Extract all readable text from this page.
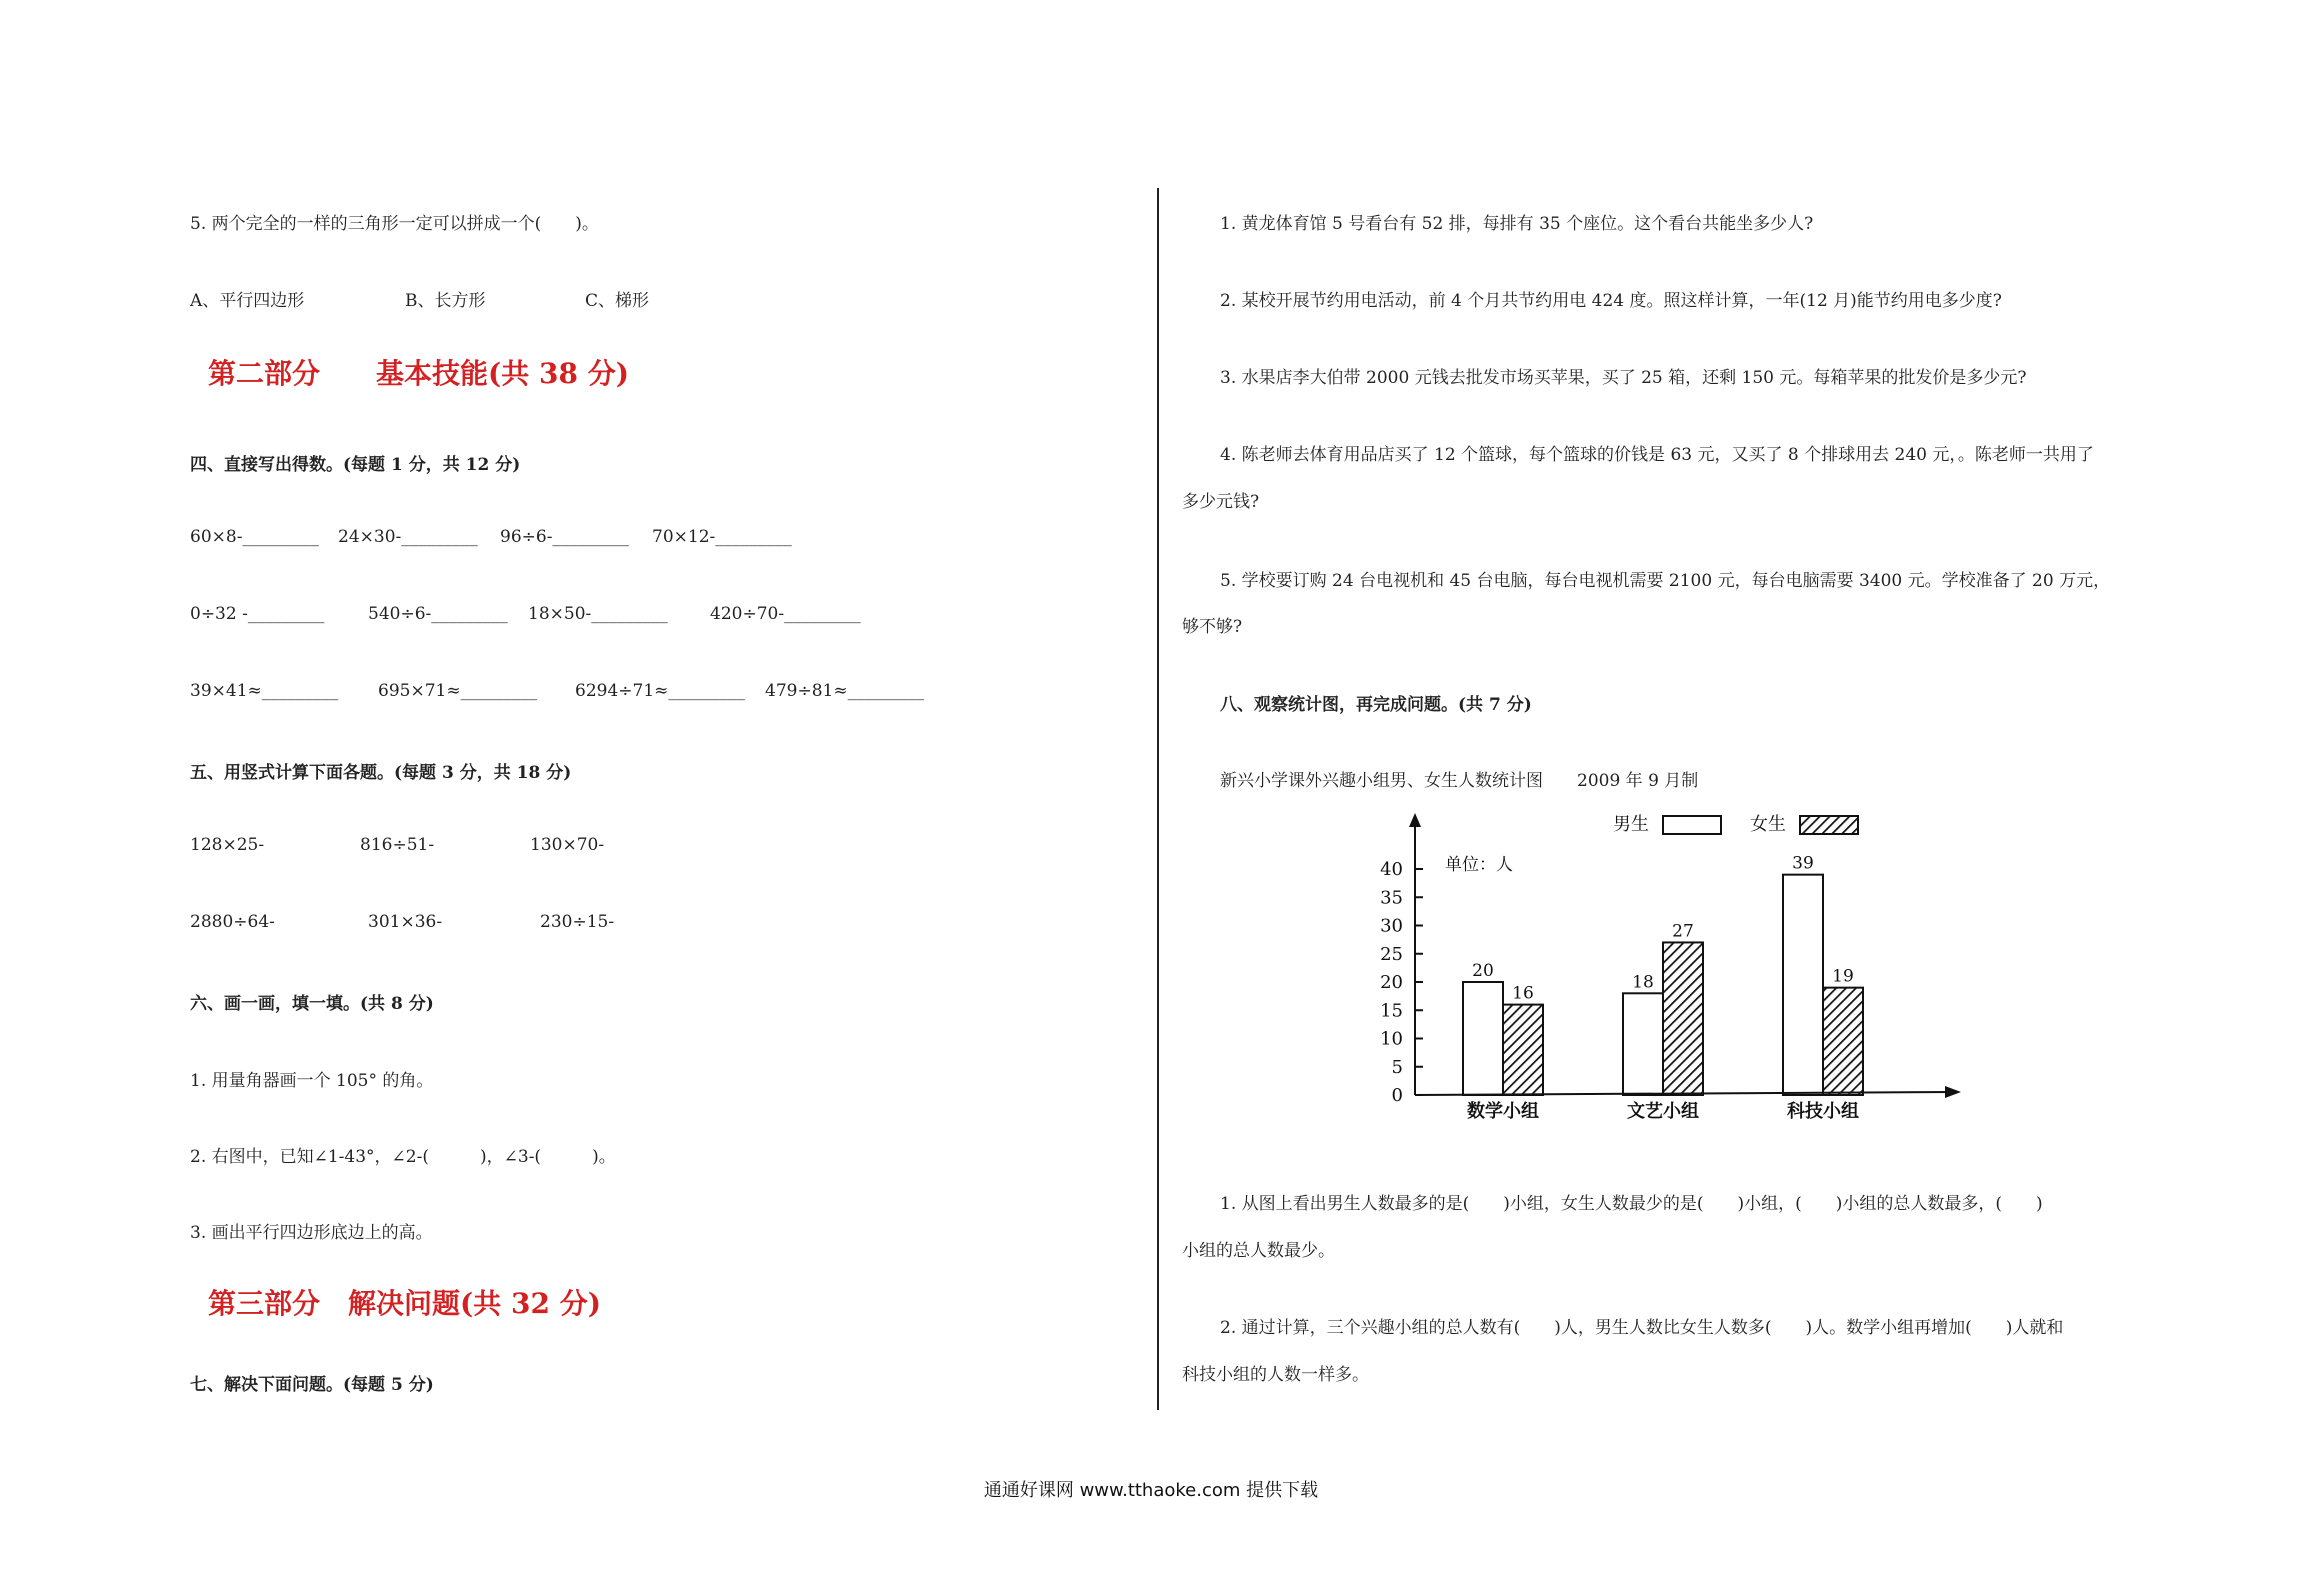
5. 两个完全的一样的三角形一定可以拼成一个(　　)。
A、平行四边形	B、长方形	C、梯形
第二部分　　基本技能(共 38 分)
四、直接写出得数。(每题 1 分，共 12 分)
60×8-_________ 24×30-_________ 96÷6-_________ 70×12-_________
0÷32 -_________	540÷6-_________ 18×50-_________ 420÷70-_________
39×41≈_________ 695×71≈_________ 6294÷71≈_________ 479÷81≈_________
五、用竖式计算下面各题。(每题 3 分，共 18 分)
128×25-	816÷51-	130×70-
2880÷64-	301×36-	230÷15-
六、画一画，填一填。(共 8 分)
1. 用量角器画一个 105° 的角。
2. 右图中，已知∠1-43°，∠2-(　　　)，∠3-(　　　)。
3. 画出平行四边形底边上的高。
第三部分　解决问题(共 32 分)
七、解决下面问题。(每题 5 分)
1. 黄龙体育馆 5 号看台有 52 排，每排有 35 个座位。这个看台共能坐多少人?
2. 某校开展节约用电活动，前 4 个月共节约用电 424 度。照这样计算，一年(12 月)能节约用电多少度?
3. 水果店李大伯带 2000 元钱去批发市场买苹果，买了 25 箱，还剩 150 元。每箱苹果的批发价是多少元?
4. 陈老师去体育用品店买了 12 个篮球，每个篮球的价钱是 63 元，又买了 8 个排球用去 240 元，。陈老师一共用了
多少元钱?
5. 学校要订购 24 台电视机和 45 台电脑，每台电视机需要 2100 元，每台电脑需要 3400 元。学校准备了 20 万元，
够不够?
八、观察统计图，再完成问题。(共 7 分)
新兴小学课外兴趣小组男、女生人数统计图　　2009 年 9 月制
男生	女生
单位：人
0
5
10
15
20
25
30
35
40
20
16
18
27
39
19
数学小组	文艺小组	科技小组
1. 从图上看出男生人数最多的是(　　)小组，女生人数最少的是(　　)小组，(　　)小组的总人数最多，(　　)
小组的总人数最少。
2. 通过计算，三个兴趣小组的总人数有(　　)人，男生人数比女生人数多(　　)人。数学小组再增加(　　)人就和
科技小组的人数一样多。
通通好课网 www.tthaoke.com 提供下载
